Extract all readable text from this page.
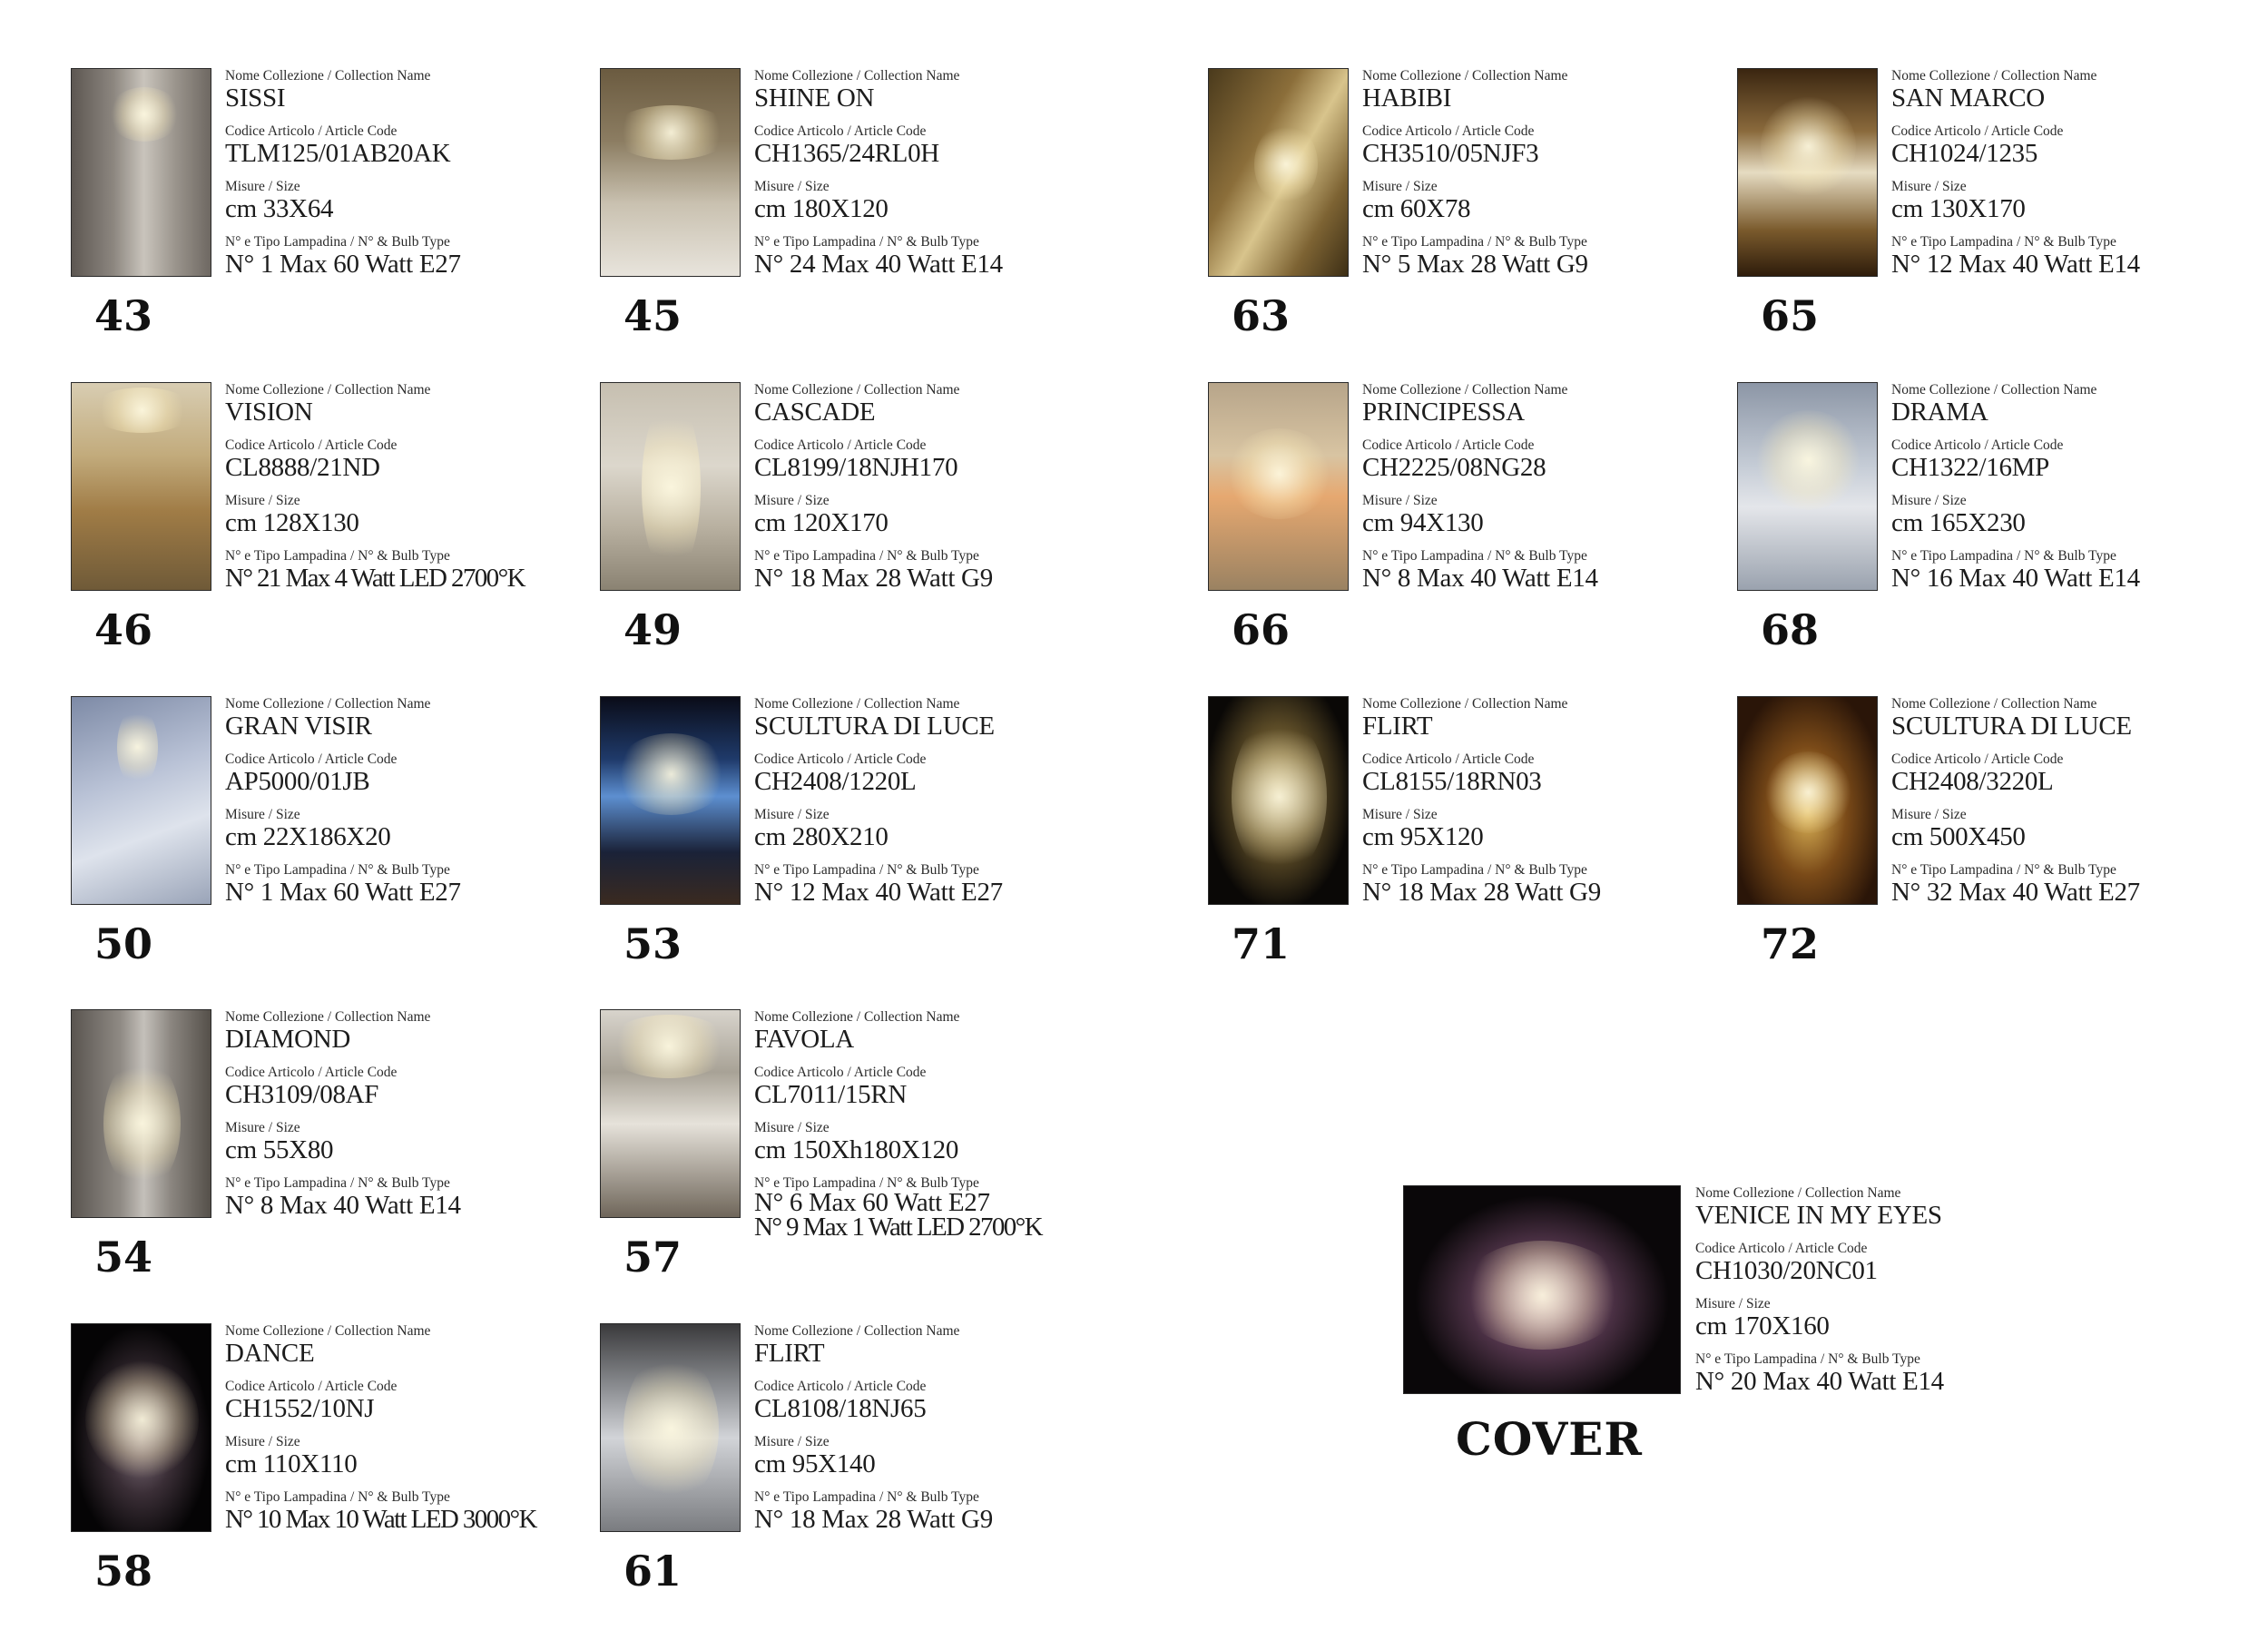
Nome Collezione / Collection Name

SISSI

Codice Articolo / Article Code

TLM125/01AB20AK

Misure / Size

cm 33X64

N° e Tipo Lampadina / N° & Bulb Type

N° 1 Max 60 Watt E27

43

Nome Collezione / Collection Name

SHINE ON

Codice Articolo / Article Code

CH1365/24RL0H

Misure / Size

cm 180X120

N° e Tipo Lampadina / N° & Bulb Type

N° 24 Max 40 Watt E14

45

Nome Collezione / Collection Name

HABIBI

Codice Articolo / Article Code

CH3510/05NJF3

Misure / Size

cm 60X78

N° e Tipo Lampadina / N° & Bulb Type

N° 5 Max 28 Watt G9

63

Nome Collezione / Collection Name

SAN MARCO

Codice Articolo / Article Code

CH1024/1235

Misure / Size

cm 130X170

N° e Tipo Lampadina / N° & Bulb Type

N° 12 Max 40 Watt E14

65

Nome Collezione / Collection Name

VISION

Codice Articolo / Article Code

CL8888/21ND

Misure / Size

cm 128X130

N° e Tipo Lampadina / N° & Bulb Type

N° 21 Max 4 Watt LED 2700°K

46

Nome Collezione / Collection Name

CASCADE

Codice Articolo / Article Code

CL8199/18NJH170

Misure / Size

cm 120X170

N° e Tipo Lampadina / N° & Bulb Type

N° 18 Max 28 Watt G9

49

Nome Collezione / Collection Name

PRINCIPESSA

Codice Articolo / Article Code

CH2225/08NG28

Misure / Size

cm 94X130

N° e Tipo Lampadina / N° & Bulb Type

N° 8 Max 40 Watt E14

66

Nome Collezione / Collection Name

DRAMA

Codice Articolo / Article Code

CH1322/16MP

Misure / Size

cm 165X230

N° e Tipo Lampadina / N° & Bulb Type

N° 16 Max 40 Watt E14

68

Nome Collezione / Collection Name

GRAN VISIR

Codice Articolo / Article Code

AP5000/01JB

Misure / Size

cm 22X186X20

N° e Tipo Lampadina / N° & Bulb Type

N° 1 Max 60 Watt E27

50

Nome Collezione / Collection Name

SCULTURA DI LUCE

Codice Articolo / Article Code

CH2408/1220L

Misure / Size

cm 280X210

N° e Tipo Lampadina / N° & Bulb Type

N° 12 Max 40 Watt E27

53

Nome Collezione / Collection Name

FLIRT

Codice Articolo / Article Code

CL8155/18RN03

Misure / Size

cm 95X120

N° e Tipo Lampadina / N° & Bulb Type

N° 18 Max 28 Watt G9

71

Nome Collezione / Collection Name

SCULTURA DI LUCE

Codice Articolo / Article Code

CH2408/3220L

Misure / Size

cm 500X450

N° e Tipo Lampadina / N° & Bulb Type

N° 32 Max 40 Watt E27

72

Nome Collezione / Collection Name

DIAMOND

Codice Articolo / Article Code

CH3109/08AF

Misure / Size

cm 55X80

N° e Tipo Lampadina / N° & Bulb Type

N° 8 Max 40 Watt E14

54

Nome Collezione / Collection Name

FAVOLA

Codice Articolo / Article Code

CL7011/15RN

Misure / Size

cm 150Xh180X120

N° e Tipo Lampadina / N° & Bulb Type

N° 6 Max 60 Watt E27

N° 9 Max 1 Watt LED 2700°K

57

Nome Collezione / Collection Name

DANCE

Codice Articolo / Article Code

CH1552/10NJ

Misure / Size

cm 110X110

N° e Tipo Lampadina / N° & Bulb Type

N° 10 Max 10 Watt LED 3000°K

58

Nome Collezione / Collection Name

FLIRT

Codice Articolo / Article Code

CL8108/18NJ65

Misure / Size

cm 95X140

N° e Tipo Lampadina / N° & Bulb Type

N° 18 Max 28 Watt G9

61

Nome Collezione / Collection Name

VENICE IN MY EYES

Codice Articolo / Article Code

CH1030/20NC01

Misure / Size

cm 170X160

N° e Tipo Lampadina / N° & Bulb Type

N° 20 Max 40 Watt E14

COVER
